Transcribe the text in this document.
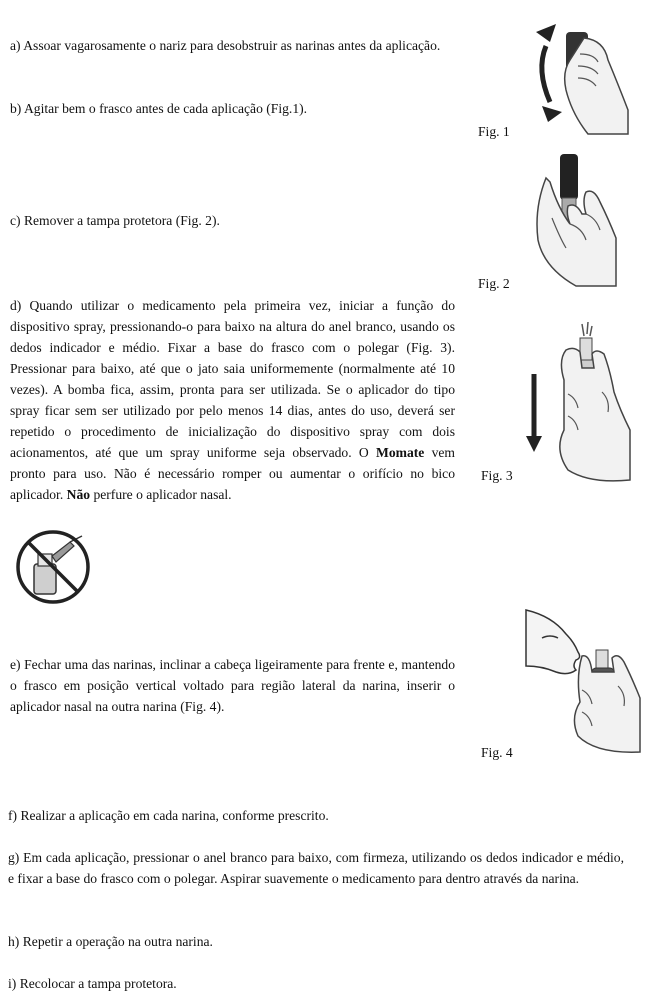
a) Assoar vagarosamente o nariz para desobstruir as narinas antes da aplicação.

b) Agitar bem o frasco antes de cada aplicação (Fig.1).

c) Remover a tampa protetora (Fig. 2).

d) Quando utilizar o medicamento pela primeira vez, iniciar a função do dispositivo spray, pressionando-o para baixo na altura do anel branco, usando os dedos indicador e médio. Fixar a base do frasco com o polegar (Fig. 3). Pressionar para baixo, até que o jato saia uniformemente (normalmente até 10 vezes). A bomba fica, assim, pronta para ser utilizada. Se o aplicador do tipo spray ficar sem ser utilizado por pelo menos 14 dias, antes do uso, deverá ser repetido o procedimento de inicialização do dispositivo spray com dois acionamentos, até que um spray uniforme seja observado. O Momate vem pronto para uso. Não é necessário romper ou aumentar o orifício no bico aplicador. Não perfure o aplicador nasal.

e) Fechar uma das narinas, inclinar a cabeça ligeiramente para frente e, mantendo o frasco em posição vertical voltado para região lateral da narina, inserir o aplicador nasal na outra narina (Fig. 4).

f) Realizar a aplicação em cada narina, conforme prescrito.

g) Em cada aplicação, pressionar o anel branco para baixo, com firmeza, utilizando os dedos indicador e médio, e fixar a base do frasco com o polegar. Aspirar suavemente o medicamento para dentro através da narina.

h) Repetir a operação na outra narina.

i) Recolocar a tampa protetora.

Fig. 1
Fig. 2
Fig. 3
Fig. 4
